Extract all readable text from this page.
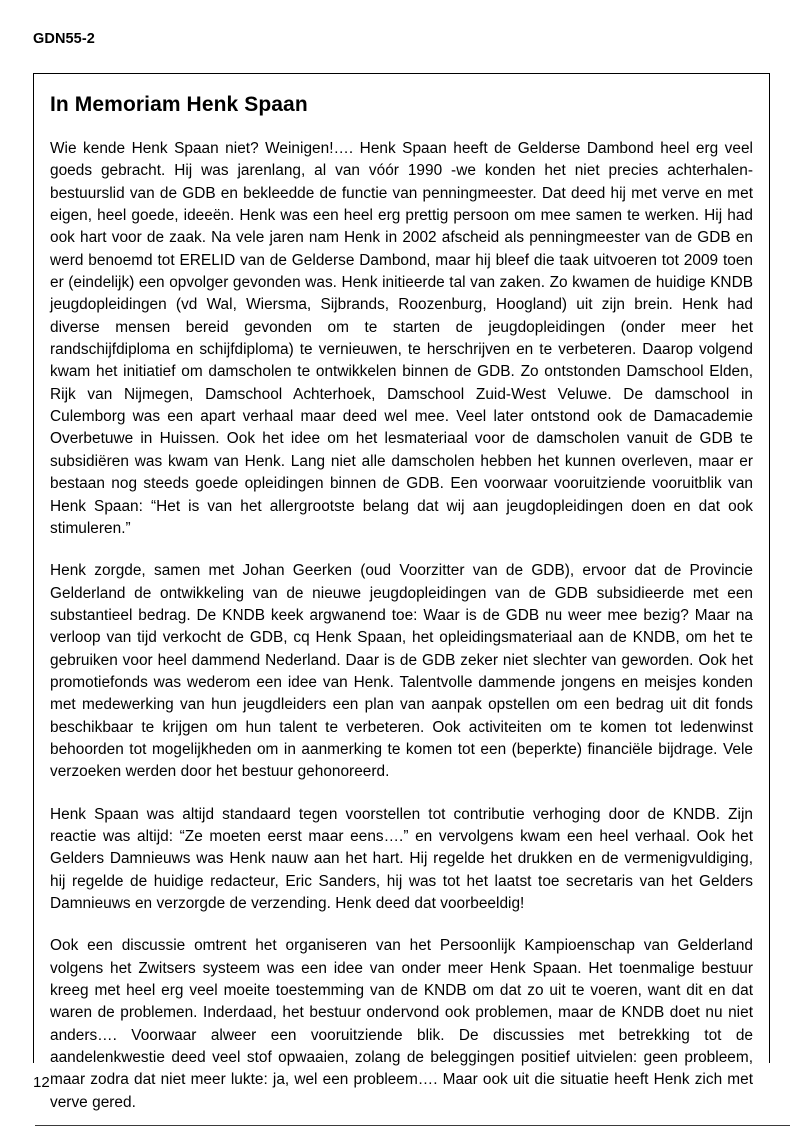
GDN55-2
In Memoriam Henk Spaan

Wie kende Henk Spaan niet? Weinigen!…. Henk Spaan heeft de Gelderse Dambond heel erg veel goeds gebracht. Hij was jarenlang, al van vóór 1990 -we konden het niet precies achterhalen- bestuurslid van de GDB en bekleedde de functie van penningmeester. Dat deed hij met verve en met eigen, heel goede, ideeën. Henk was een heel erg prettig persoon om mee samen te werken. Hij had ook hart voor de zaak. Na vele jaren nam Henk in 2002 afscheid als penningmeester van de GDB en werd benoemd tot ERELID van de Gelderse Dambond, maar hij bleef die taak uitvoeren tot 2009 toen er (eindelijk) een opvolger gevonden was. Henk initieerde tal van zaken. Zo kwamen de huidige KNDB jeugdopleidingen (vd Wal, Wiersma, Sijbrands, Roozenburg, Hoogland) uit zijn brein. Henk had diverse mensen bereid gevonden om te starten de jeugdopleidingen (onder meer het randschijfdiploma en schijfdiploma) te vernieuwen, te herschrijven en te verbeteren. Daarop volgend kwam het initiatief om damscholen te ontwikkelen binnen de GDB. Zo ontstonden Damschool Elden, Rijk van Nijmegen, Damschool Achterhoek, Damschool Zuid-West Veluwe. De damschool in Culemborg was een apart verhaal maar deed wel mee. Veel later ontstond ook de Damacademie Overbetuwe in Huissen. Ook het idee om het lesmateriaal voor de damscholen vanuit de GDB te subsidiëren was kwam van Henk. Lang niet alle damscholen hebben het kunnen overleven, maar er bestaan nog steeds goede opleidingen binnen de GDB. Een voorwaar vooruitziende vooruitblik van Henk Spaan: “Het is van het allergrootste belang dat wij aan jeugdopleidingen doen en dat ook stimuleren.”

Henk zorgde, samen met Johan Geerken (oud Voorzitter van de GDB), ervoor dat de Provincie Gelderland de ontwikkeling van de nieuwe jeugdopleidingen van de GDB subsidieerde met een substantieel bedrag. De KNDB keek argwanend toe: Waar is de GDB nu weer mee bezig? Maar na verloop van tijd verkocht de GDB, cq Henk Spaan, het opleidingsmateriaal aan de KNDB, om het te gebruiken voor heel dammend Nederland. Daar is de GDB zeker niet slechter van geworden. Ook het promotiefonds was wederom een idee van Henk. Talentvolle dammende jongens en meisjes konden met medewerking van hun jeugdleiders een plan van aanpak opstellen om een bedrag uit dit fonds beschikbaar te krijgen om hun talent te verbeteren. Ook activiteiten om te komen tot ledenwinst behoorden tot mogelijkheden om in aanmerking te komen tot een (beperkte) financiële bijdrage. Vele verzoeken werden door het bestuur gehonoreerd.

Henk Spaan was altijd standaard tegen voorstellen tot contributie verhoging door de KNDB. Zijn reactie was altijd: “Ze moeten eerst maar eens….” en vervolgens kwam een heel verhaal. Ook het Gelders Damnieuws was Henk nauw aan het hart. Hij regelde het drukken en de vermenigvuldiging, hij regelde de huidige redacteur, Eric Sanders, hij was tot het laatst toe secretaris van het Gelders Damnieuws en verzorgde de verzending. Henk deed dat voorbeeldig!

Ook een discussie omtrent het organiseren van het Persoonlijk Kampioenschap van Gelderland volgens het Zwitsers systeem was een idee van onder meer Henk Spaan. Het toenmalige bestuur kreeg met heel erg veel moeite toestemming van de KNDB om dat zo uit te voeren, want dit en dat waren de problemen. Inderdaad, het bestuur ondervond ook problemen, maar de KNDB doet nu niet anders…. Voorwaar alweer een vooruitziende blik. De discussies met betrekking tot de aandelenkwestie deed veel stof opwaaien, zolang de beleggingen positief uitvielen: geen probleem, maar zodra dat niet meer lukte: ja, wel een probleem…. Maar ook uit die situatie heeft Henk zich met verve gered.

12
